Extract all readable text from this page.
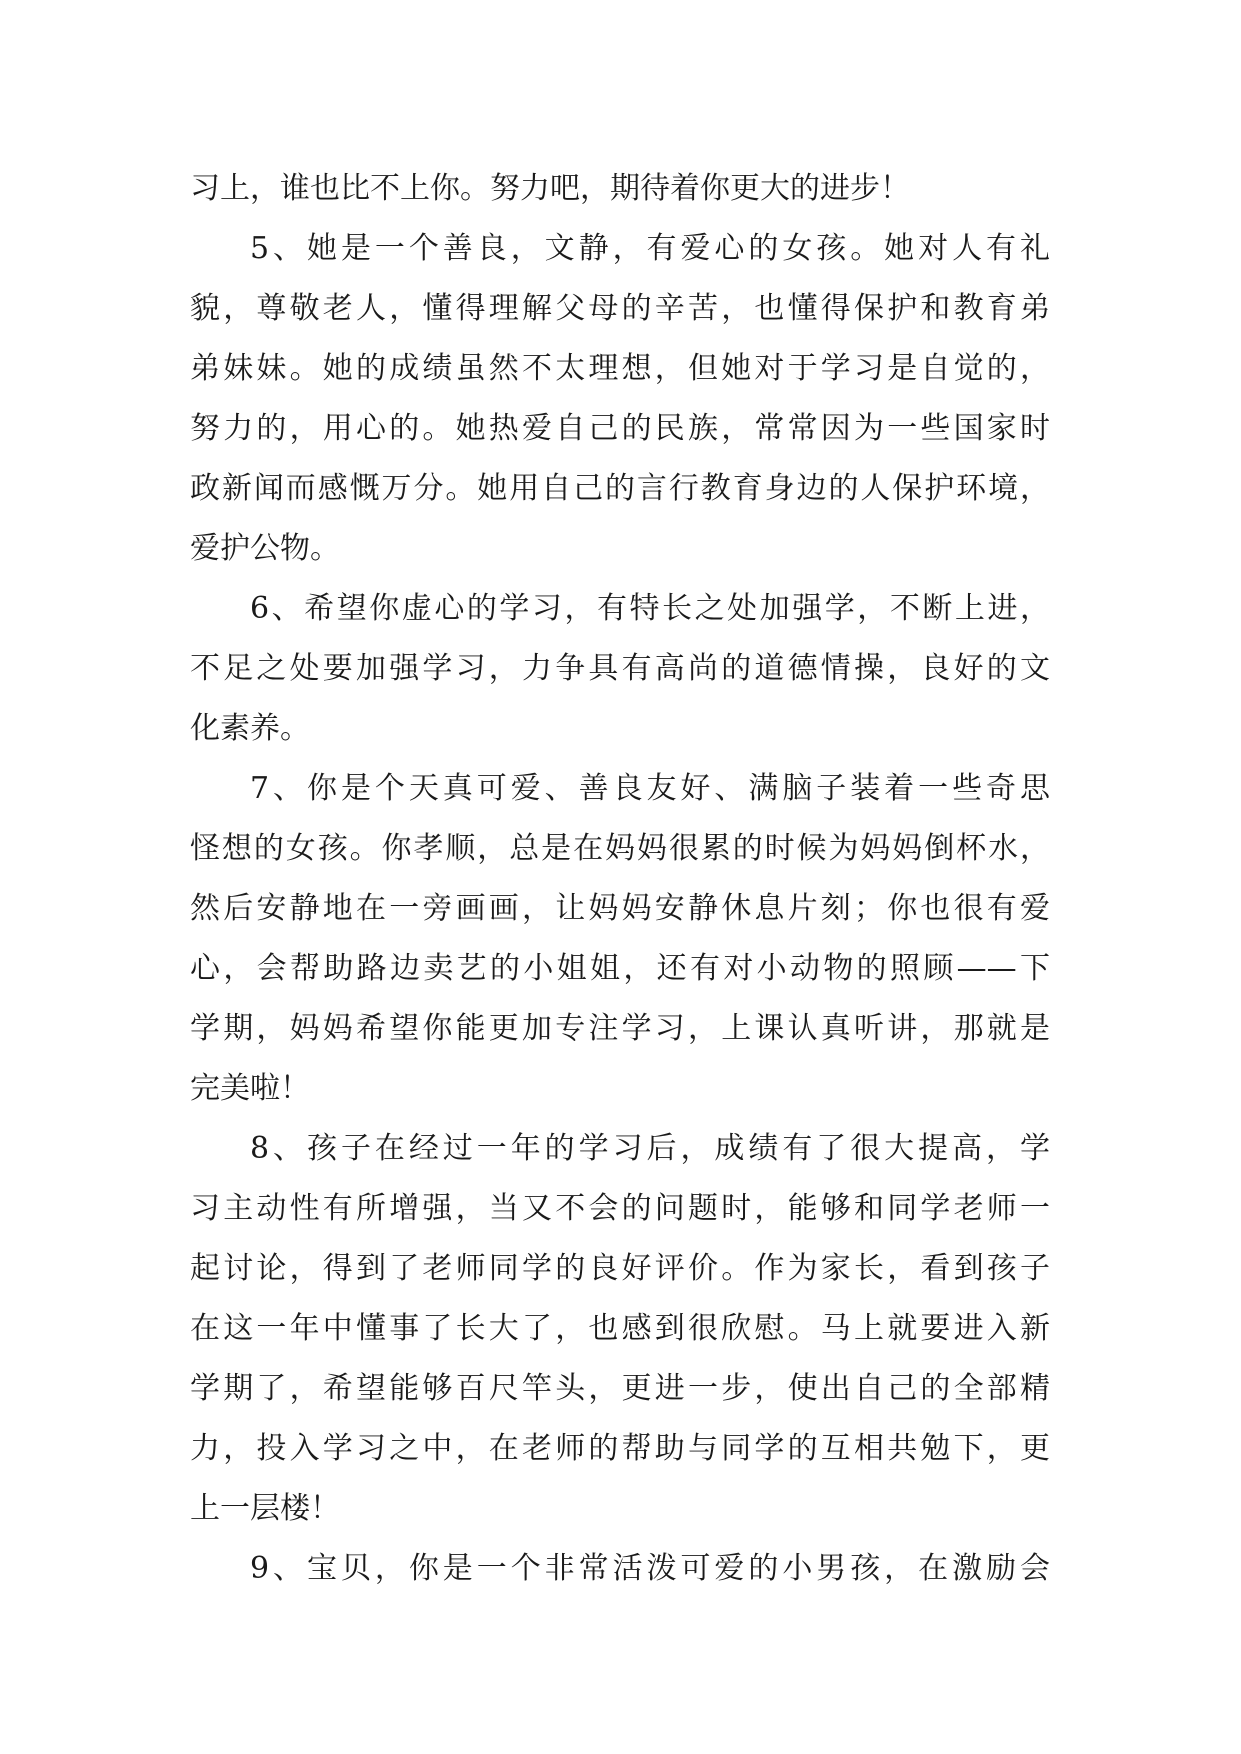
习上，谁也比不上你。努力吧，期待着你更大的进步！
5、她是一个善良，文静，有爱心的女孩。她对人有礼
貌，尊敬老人，懂得理解父母的辛苦，也懂得保护和教育弟
弟妹妹。她的成绩虽然不太理想，但她对于学习是自觉的，
努力的，用心的。她热爱自己的民族，常常因为一些国家时
政新闻而感慨万分。她用自己的言行教育身边的人保护环境，
爱护公物。
6、希望你虚心的学习，有特长之处加强学，不断上进，
不足之处要加强学习，力争具有高尚的道德情操，良好的文
化素养。
7、你是个天真可爱、善良友好、满脑子装着一些奇思
怪想的女孩。你孝顺，总是在妈妈很累的时候为妈妈倒杯水，
然后安静地在一旁画画，让妈妈安静休息片刻；你也很有爱
心，会帮助路边卖艺的小姐姐，还有对小动物的照顾——下
学期，妈妈希望你能更加专注学习，上课认真听讲，那就是
完美啦！
8、孩子在经过一年的学习后，成绩有了很大提高，学
习主动性有所增强，当又不会的问题时，能够和同学老师一
起讨论，得到了老师同学的良好评价。作为家长，看到孩子
在这一年中懂事了长大了，也感到很欣慰。马上就要进入新
学期了，希望能够百尺竿头，更进一步，使出自己的全部精
力，投入学习之中，在老师的帮助与同学的互相共勉下，更
上一层楼！
9、宝贝，你是一个非常活泼可爱的小男孩，在激励会
